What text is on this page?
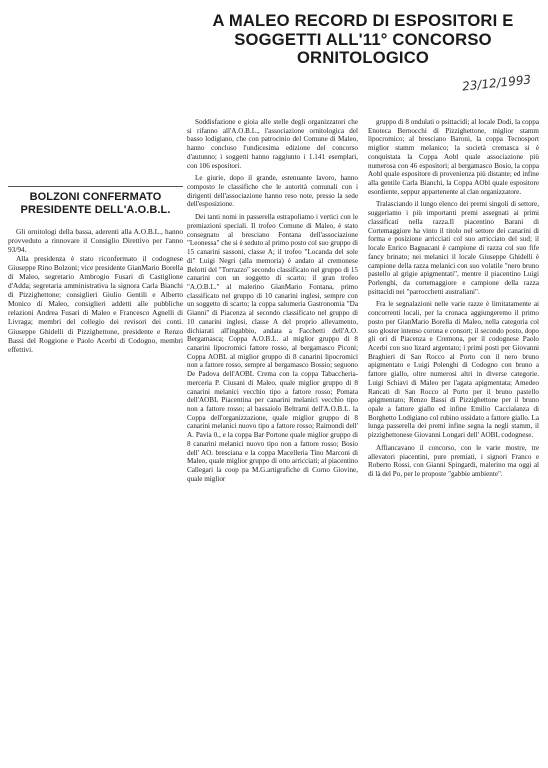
BOLZONI CONFERMATO PRESIDENTE DELL'A.O.B.L.

Gli ornitologi della bassa, aderenti alla A.O.B.L., hanno provveduto a rinnovare il Consiglio Direttivo per l'anno 93/94.

Alla presidenza è stato riconfermato il codognese Giuseppe Rino Bolzoni; vice presidente GianMario Borella di Maleo, segretario Ambrogio Fusari di Castiglione d'Adda; segretaria amministrativa la signora Carla Bianchi di Pizzighettone; consiglieri Giulio Gentili e Alberto Monico di Maleo, consiglieri addetti alle pubbliche relazioni Andrea Fusari di Maleo e Francesco Agnelli di Livraga; membri del collegio dei revisori dei conti. Giuseppe Ghidelli di Pizzighettone, presidente e Renzo Bassi del Roggione e Paolo Acerbi di Codogno, membri effettivi.

A MALEO RECORD DI ESPOSITORI E SOGGETTI ALL'11° CONCORSO ORNITOLOGICO
23/12/1993

Soddisfazione e gioia alle stelle degli organizzatori che si rifanno all'A.O.B.L., l'associazione ornitologica del basso lodigiano, che con patrocinio del Comune di Maleo, hanno concluso l'undicesima edizione del concorso d'autunno; i soggetti hanno raggiunto i 1.141 esemplari, con 106 espositori.

Le giurie, dopo il grande, estenuante lavoro, hanno composto le classifiche che le autorità comunali con i dirigenti dell'associazione hanno reso note, presso la sede dell'esposizione.

Dei tanti nomi in passerella estrapoliamo i vertici con le premiazioni speciali. Il trofeo Comune di Maleo, è stato consegnato al bresciano Fontana dell'associazione "Leonessa" che si è seduto al primo posto col suo gruppo di 15 canarini sassoni, classe A; il trofeo "Locanda del sole di" Luigi Negri (alla memoria) è andato al cremonese Belotti del "Torrazzo" secondo classificato nel gruppo di 15 canarini con un soggetto di scarto; il gran trofeo "A.O.B.L." al malerino GianMario Fontana, primo classificato nel gruppo di 10 canarini inglesi, sempre con un soggetto di scarto; la coppa salumeria Gastronomia "Da Gianni" di Piacenza al secondo classificato nel gruppo di 10 canarini inglesi, classe A del proprio allevamento, dichiarati all'ingabbio, andata a Facchetti dell'A.O. Bergamasca; Coppa A.O.B.L. al miglior gruppo di 8 canarini lipocromici fattore rosso, al bergamasco Piconi; Coppa AOBL al miglior gruppo di 8 canarini lipocromici non a fattore rosso, sempre al bergamasco Bossio; seguono De Padova dell'AOBL Crema con la coppa Tabaccheria-merceria P. Ciusani di Maleo, quale miglior gruppo di 8 canarini melanici vecchio tipo a fattore rosso; Pomata dell'AOBL Piacentina per canarini melanici vecchio tipo non a fattore rosso; al bassaiolo Beltrami dell'A.O.B.L. la Coppa dell'organizzazione, quale miglior gruppo di 8 canarini melanici nuovo tipo a fattore rosso; Raimondi dell' A. Pavia 0., e la coppa Bar Portone quale miglior gruppo di 8 canarini melanici nuovo tipo non a fattore rosso; Bosio dell' AO. bresciana e la coppa Macelleria Tino Marconi di Maleo, quale miglior gruppo di otto arricciati; al piacentino Callegari la coop pa M.G.artigrafiche di Corno Giovine, quale miglior

gruppo di 8 ondulati o psittacidi; al locale Dodi, la coppa Enoteca Bernocchi di Pizzighettone, miglior stamm lipocromico; al bresciano Baroni, la coppa Tecnosport miglior stamm melanico; la società cremasca si è conquistata la Coppa Aobl quale associazione più numerosa con 46 espositori; al bergamasco Bosio, la coppa Aobl quale espositore di provenienza più distante; ed infine alla gentile Carla Bianchi, la Coppa AObl quale espositore esordiente, seppur appartenente al clan organizzatore.

Tralasciando il lungo elenco dei premi singoli di settore, suggeriamo i più importanti premi assegnati ai primi classificati nella razza.Il piacentino Barani di Cortemaggiore ha vinto il titolo nel settore dei canarini di forma e posizione arricciati col suo arricciato del sud; il locale Enrico Bagnacani è campione di razza col suo fife fancy brinato; nei melanici il locale Giuseppe Ghidelli è campione della razza melanici con suo volatile "nero bruno pastello al grigie apigmentati", mentre il piacentino Luigi Porlenghi, da cortemaggiore e campione della razza psittacidi nei "parrocchetti australiani".

Fra le segnalazioni nelle varie razze è limitatamente ai concorrenti locali, per la cronaca aggiungeremo il primo posto per GianMario Borella di Maleo, nella categoria col suo gloster intenso corona e consort; il secondo posto, dopo gli ori di Piacenza e Cremona, per il codognese Paolo Acerbi con suo lizard argentato; i primi posti per Giovanni Braghieri di San Rocco al Porto con il nero bruno apigmentato e Luigi Polenghi di Codogno con bruno a fattore giallo, oltre numerosi altri in diverse categorie. Luigi Schiavi di Maleo per l'agata apigmentata; Amedeo Rancati di San Rocco al Porto per il bruno pastello apigmentato; Renzo Bassi di Pizzighettone per il bruno opale a fattore giallo ed infine Emilio Caccialanza di Borghetto Lodigiano col rubino ossidato a fattore giallo. La lunga passerella dei premi infine segna la negli stamm, il pizzighettonese Giovanni Longari dell' AOBL codognese.

Affiancavano il concorso, con le varie mostre, tre allevatori piacentini, pure premiati, i signori Franco e Roberto Rossi, con Gianni Spingardi, malerino ma oggi al di là del Po, per le proposte "gabbie ambiente".
